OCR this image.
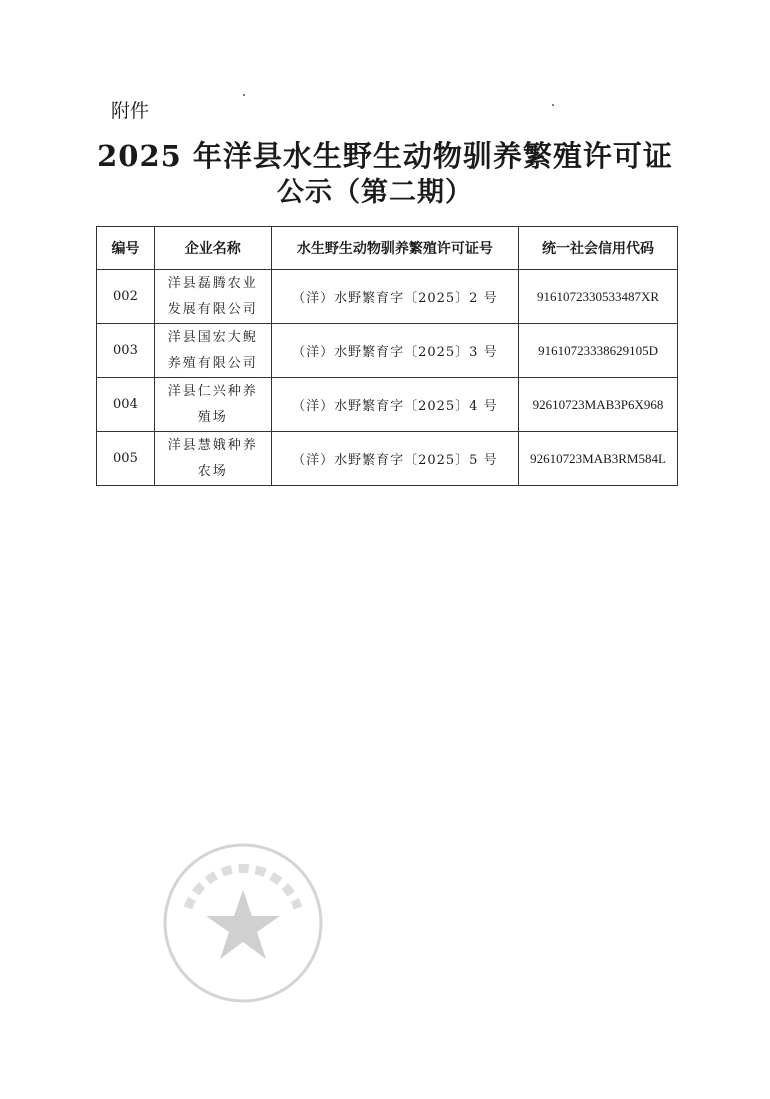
附件
2025 年洋县水生野生动物驯养繁殖许可证
公示（第二期）
编号	企业名称	水生野生动物驯养繁殖许可证号	统一社会信用代码
002	洋县磊腾农业发展有限公司	（洋）水野繁育字〔2025〕2 号	9161072330533487XR
003	洋县国宏大鲵养殖有限公司	（洋）水野繁育字〔2025〕3 号	91610723338629105D
004	洋县仁兴种养殖场	（洋）水野繁育字〔2025〕4 号	92610723MAB3P6X968
005	洋县慧娥种养农场	（洋）水野繁育字〔2025〕5 号	92610723MAB3RM584L
